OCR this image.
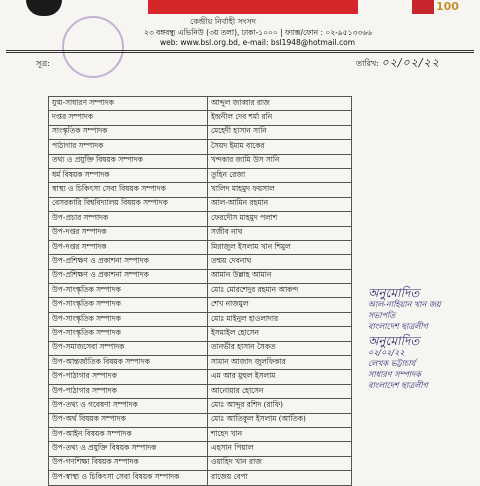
100
কেন্দ্রীয় নির্বাহী সংসদ
২৩ বঙ্গবন্ধু এভিনিউ (৩য় তলা), ঢাকা-১০০০ | ফ্যাক্স/ফোন : ০২-৯৫১৩৩৬৬
web: www.bsl.org.bd, e-mail: bsl1948@hotmail.com
সূত্র:	তারিখ: ০২/০২/২২
যুগ্ম-সাধারণ সম্পাদক	আব্দুল জাব্বার রাজ
দপ্তর সম্পাদক	ইন্দ্রনীল দেব শর্মা রনি
সাংস্কৃতিক সম্পাদক	মেহেদী হাসান সানি
পাঠাগার সম্পাদক	সৈয়দ ইমাম বাকের
তথ্য ও প্রযুক্তি বিষয়ক সম্পাদক	খন্দকার জামি উস সানি
ধর্ম বিষয়ক সম্পাদক	তুহিন রেজা
স্বাস্থ্য ও চিকিৎসা সেবা বিষয়ক সম্পাদক	খালিদ মাহমুদ ফয়সাল
বেসরকারি বিশ্ববিদ্যালয় বিষয়ক সম্পাদক	আল-আমিন রহমান
উপ-প্রচার সম্পাদক	ফেরদৌস মাহমুদ পলাশ
উপ-দপ্তর সম্পাদক	সজীব নাথ
উপ-দপ্তর সম্পাদক	মিরাজুল ইসলাম খান শিমুল
উপ-প্রশিক্ষণ ও প্রকাশনা সম্পাদক	তন্ময় দেবনাথ
উপ-প্রশিক্ষণ ও প্রকাশনা সম্পাদক	আমান উল্লাহ আমান
উপ-সাংস্কৃতিক সম্পাদক	মোঃ মোরশেদুর রহমান আকন্দ
উপ-সাংস্কৃতিক সম্পাদক	শেখ নাজমুল
উপ-সাংস্কৃতিক সম্পাদক	মোঃ মাইনুল হাওলাদার
উপ-সাংস্কৃতিক সম্পাদক	ইসমাইল হোসেন
উপ-সমাজসেবা সম্পাদক	তানভীর হাসান সৈকত
উপ-আন্তর্জাতিক বিষয়ক সম্পাদক	সামান আজাদ জুলফিকার
উপ-পাঠাগার সম্পাদক	এম আর মুহুল ইসলাম
উপ-পাঠাগার সম্পাদক	আনোয়ার হোসেন
উপ-তথ্য ও গবেষণা সম্পাদক	মোঃ আব্দুর রশিদ (রাফি)
উপ-অর্থ বিষয়ক সম্পাদক	মোঃ আতিকুল ইসলাম (আতিক)
উপ-আইন বিষয়ক সম্পাদক	শাহেদ খান
উপ-তথ্য ও প্রযুক্তি বিষয়ক সম্পাদক	এহসান পিয়াল
উপ-গণশিক্ষা বিষয়ক সম্পাদক	ওয়াহিদ খান রাজ
উপ-স্বাস্থ্য ও চিকিৎসা সেবা বিষয়ক সম্পাদক	রাজেয় বেপা
অনুমোদিত
আল-নাহিয়ান খান জয়
সভাপতি
বাংলাদেশ ছাত্রলীগ
অনুমোদিত
০২/০২/২২
লেখক ভট্টাচার্য
সাধারণ সম্পাদক
বাংলাদেশ ছাত্রলীগ
